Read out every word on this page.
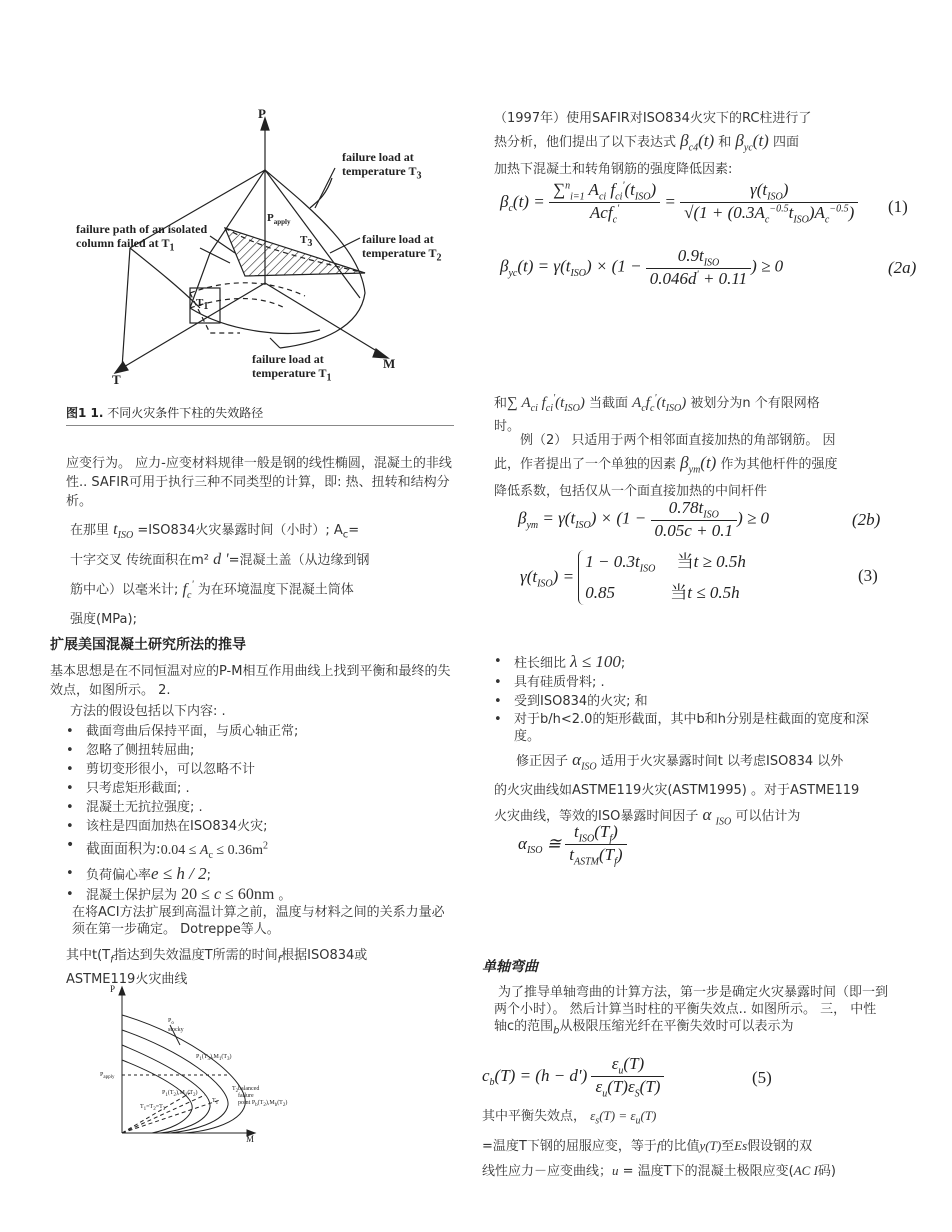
P
M
T
failure load at
temperature $T_3$
failure load at
temperature $T_2$
failure load at
temperature $T_1$
failure path of an isolated
column failed at $T_1$
$P_{apply}$
$T_3$
$T_1$
图1 1. 不同火灾条件下柱的失效路径
应变行为。 应力-应变材料规律一般是钢的线性椭圆，混凝土的非线性.. SAFIR可用于执行三种不同类型的计算，即: 热、扭转和结构分析。
在那里 $t_{ISO} =ISO834$火灾暴露时间（小时）; $A_c=$
十字交叉 传统面积在m² d '=混凝土盖（从边缘到钢
筋中心）以毫米计; $f_c'$ 为在环境温度下混凝土筒体
强度(MPa);
扩展美国混凝土研究所法的推导
基本思想是在不同恒温对应的P-M相互作用曲线上找到平衡和最终的失效点，如图所示。 2.
方法的假设包括以下内容: .
• 截面弯曲后保持平面，与质心轴正常;
• 忽略了侧扭转屈曲;
• 剪切变形很小，可以忽略不计
• 只考虑矩形截面; .
• 混凝土无抗拉强度; .
• 该柱是四面加热在ISO834火灾;
• 截面面积为:0.04 ≤ $A_c \le 0.36m^2$
• 负荷偏心率e ≤ h / 2;
• 混凝土保护层为 20 ≤ c ≤ 60nm 。
在将ACI方法扩展到高温计算之前，温度与材料之间的关系力量必须在第一步确定。 Dotreppe等人。
其中$t(T_f$指达到失效温度T所需的时间$_f$根据ISO834或
ASTME119火灾曲线
P
M
$P_o$
stocky
$P_{apply}$
$P_1(T_3),M_1(T_3)$
$P_1(T_2),M_1(T_2)$
$T_1=T_2=T_3$
balanced
failure
point $P_b(T_2),M_b(T_2)$
$T_2$
$T_1$
（1997年）使用SAFIR对ISO834火灾下的RC柱进行了
热分析，他们提出了以下表达式 $\beta_{c4}(t)$ 和 $\beta_{yc}(t)$ 四面
加热下混凝土和转角钢筋的强度降低因素:
$\beta_c(t) = \frac{\sum^n_{i=1} A_{ci} f_{ci}'(t_{ISO})}{Acf_c'} = \frac{\gamma(t_{ISO})}{√(1 + (0.3A_c^{-0.5}t_{ISO})A_c^{-0.5})} (1)$
$\beta_{yc}(t) = \gamma(t_{ISO}) \times (1 - \frac{0.9t_{ISO}}{0.046d' + 0.11}$ ) ≥ 0	(2a)
和∑ $A_{ci}$ $f_{ci}'(t_{ISO})$ 当截面 $A_cf_c'(t_{ISO})$ 被划分为n 个有限网格
时。
例（2） 只适用于两个相邻面直接加热的角部钢筋。 因
此，作者提出了一个单独的因素 $\beta_{ym}(t)$ 作为其他杆件的强度
降低系数，包括仅从一个面直接加热的中间杆件
$\beta_{ym} = \gamma(t_{ISO}) \times (1 - \frac{0.78t_{ISO}}{0.05c + 0.1}$ ) ≥ 0	(2b)
$\gamma(t_{ISO})$ =
$1 - 0.3t_{ISO}$ 当t ≥ 0.5h
0.85             当t ≤ 0.5h
(3)
• 柱长细比 λ ≤ 100;
• 具有硅质骨料; .
• 受到ISO834的火灾; 和
• 对于b/h<2.0的矩形截面，其中b和h分别是柱截面的宽度和深度。
修正因子 $\alpha_{ISO}$ 适用于火灾暴露时间t 以考虑ISO834 以外
的火灾曲线如ASTME119火灾(ASTM1995) 。对于ASTME119
火灾曲线，等效的ISO暴露时间因子 α $_{ISO}$ 可以估计为
$\alpha_{ISO}$ ≅ $\frac{t_{ISO}(T_f)}{t_{ASTM}(T_f)}$
单轴弯曲
为了推导单轴弯曲的计算方法，第一步是确定火灾暴露时间（即一到两个小时）。 然后计算当时柱的平衡失效点.. 如图所示。 三， 中性轴c的范围$_b$从极限压缩光纤在平衡失效时可以表示为
$c_b(T) = (h - d') \frac{\varepsilon_u(T)}{\varepsilon_u(T)\varepsilon_S(T)}$	(5)
其中平衡失效点， $\varepsilon_s(T) = \varepsilon_u(T)$
=温度T下钢的屈服应变，等于f的比值y(T)至Es假设钢的双
线性应力－应变曲线；u = 温度T下的混凝土极限应变(AC I码)
